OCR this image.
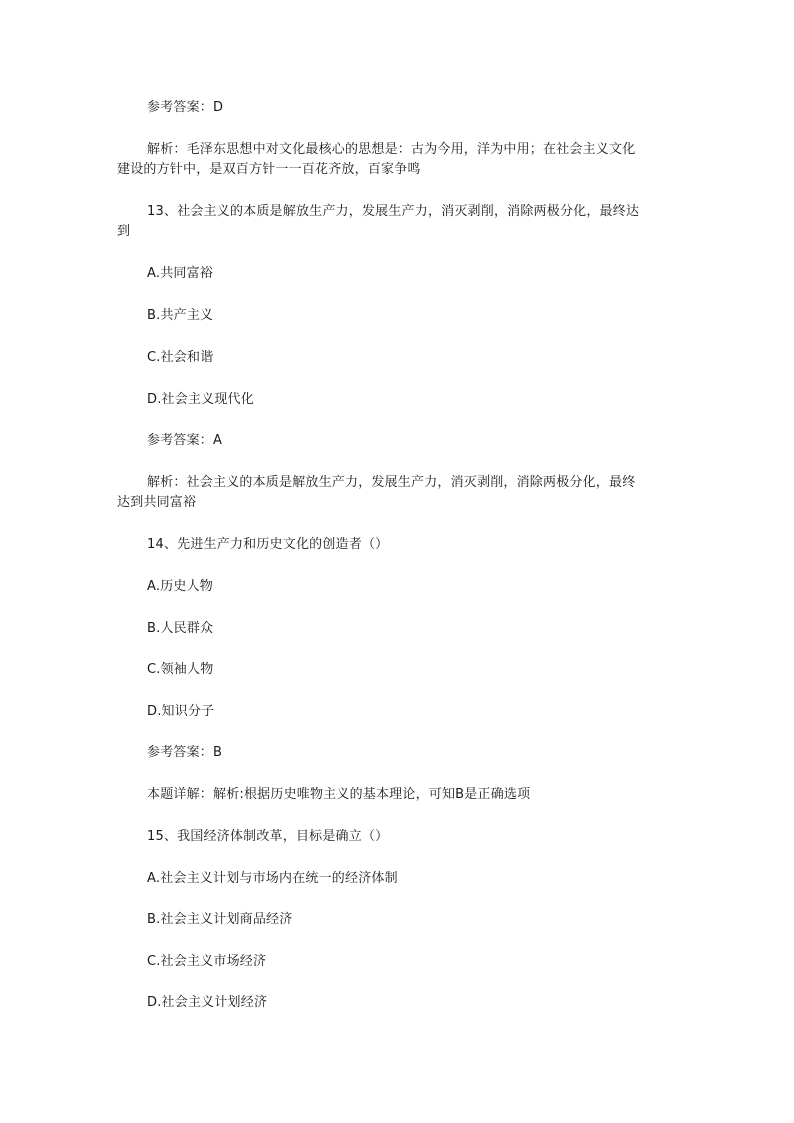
参考答案：D
解析：毛泽东思想中对文化最核心的思想是：古为今用，洋为中用；在社会主义文化
建设的方针中，是双百方针一一百花齐放，百家争鸣
13、社会主义的本质是解放生产力，发展生产力，消灭剥削，消除两极分化，最终达
到
A.共同富裕
B.共产主义
C.社会和谐
D.社会主义现代化
参考答案：A
解析：社会主义的本质是解放生产力，发展生产力，消灭剥削，消除两极分化，最终
达到共同富裕
14、先进生产力和历史文化的创造者（）
A.历史人物
B.人民群众
C.领袖人物
D.知识分子
参考答案：B
本题详解：解析:根据历史唯物主义的基本理论，可知B是正确选项
15、我国经济体制改革，目标是确立（）
A.社会主义计划与市场内在统一的经济体制
B.社会主义计划商品经济
C.社会主义市场经济
D.社会主义计划经济
